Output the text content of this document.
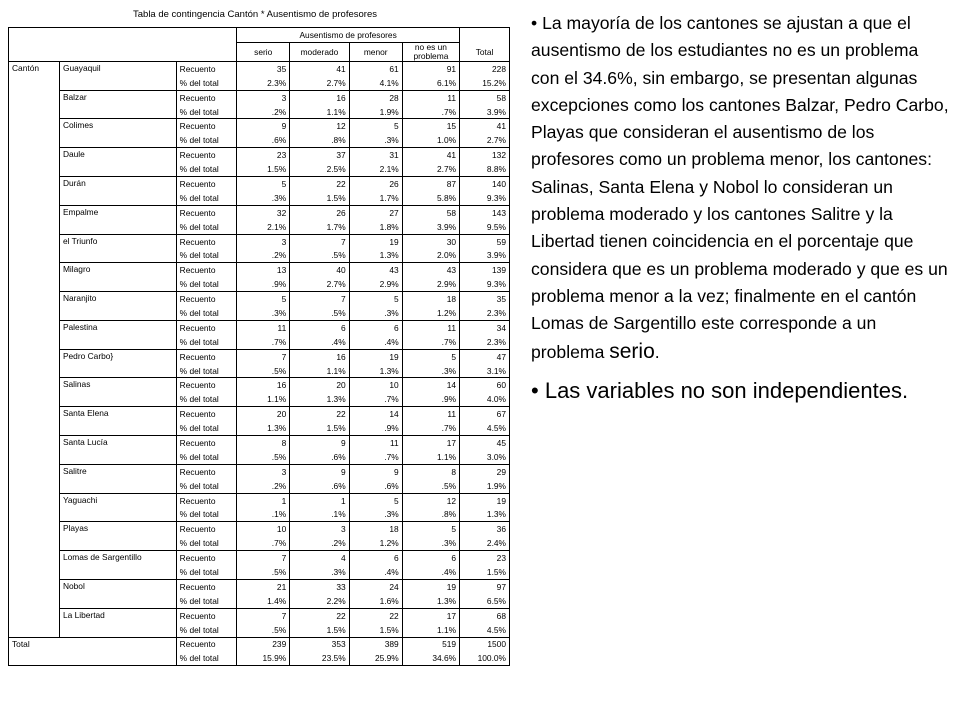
Tabla de contingencia Cantón * Ausentismo de profesores
			Ausentismo de profesores				
			serio	moderado	menor	no es un problema	Total
Cantón	Guayaquil	Recuento	35	41	61	91	228
		% del total	2.3%	2.7%	4.1%	6.1%	15.2%
	Balzar	Recuento	3	16	28	11	58
		% del total	.2%	1.1%	1.9%	.7%	3.9%
	Colimes	Recuento	9	12	5	15	41
		% del total	.6%	.8%	.3%	1.0%	2.7%
	Daule	Recuento	23	37	31	41	132
		% del total	1.5%	2.5%	2.1%	2.7%	8.8%
	Durán	Recuento	5	22	26	87	140
		% del total	.3%	1.5%	1.7%	5.8%	9.3%
	Empalme	Recuento	32	26	27	58	143
		% del total	2.1%	1.7%	1.8%	3.9%	9.5%
	el Triunfo	Recuento	3	7	19	30	59
		% del total	.2%	.5%	1.3%	2.0%	3.9%
	Milagro	Recuento	13	40	43	43	139
		% del total	.9%	2.7%	2.9%	2.9%	9.3%
	Naranjito	Recuento	5	7	5	18	35
		% del total	.3%	.5%	.3%	1.2%	2.3%
	Palestina	Recuento	11	6	6	11	34
		% del total	.7%	.4%	.4%	.7%	2.3%
	Pedro Carbo}	Recuento	7	16	19	5	47
		% del total	.5%	1.1%	1.3%	.3%	3.1%
	Salinas	Recuento	16	20	10	14	60
		% del total	1.1%	1.3%	.7%	.9%	4.0%
	Santa Elena	Recuento	20	22	14	11	67
		% del total	1.3%	1.5%	.9%	.7%	4.5%
	Santa Lucía	Recuento	8	9	11	17	45
		% del total	.5%	.6%	.7%	1.1%	3.0%
	Salitre	Recuento	3	9	9	8	29
		% del total	.2%	.6%	.6%	.5%	1.9%
	Yaguachi	Recuento	1	1	5	12	19
		% del total	.1%	.1%	.3%	.8%	1.3%
	Playas	Recuento	10	3	18	5	36
		% del total	.7%	.2%	1.2%	.3%	2.4%
	Lomas de Sargentillo	Recuento	7	4	6	6	23
		% del total	.5%	.3%	.4%	.4%	1.5%
	Nobol	Recuento	21	33	24	19	97
		% del total	1.4%	2.2%	1.6%	1.3%	6.5%
	La Libertad	Recuento	7	22	22	17	68
		% del total	.5%	1.5%	1.5%	1.1%	4.5%
Total		Recuento	239	353	389	519	1500
		% del total	15.9%	23.5%	25.9%	34.6%	100.0%

• La mayoría de los cantones se ajustan a que el ausentismo de los estudiantes no es un problema con el 34.6%, sin embargo, se presentan algunas excepciones como los cantones Balzar, Pedro Carbo, Playas que consideran el ausentismo de los profesores como un problema menor, los cantones: Salinas, Santa Elena y Nobol lo consideran un problema moderado y los cantones Salitre y la Libertad tienen coincidencia en el porcentaje que considera que es un problema moderado y que es un problema menor a la vez; finalmente en el cantón Lomas de Sargentillo este corresponde a un problema serio.

• Las variables no son independientes.
